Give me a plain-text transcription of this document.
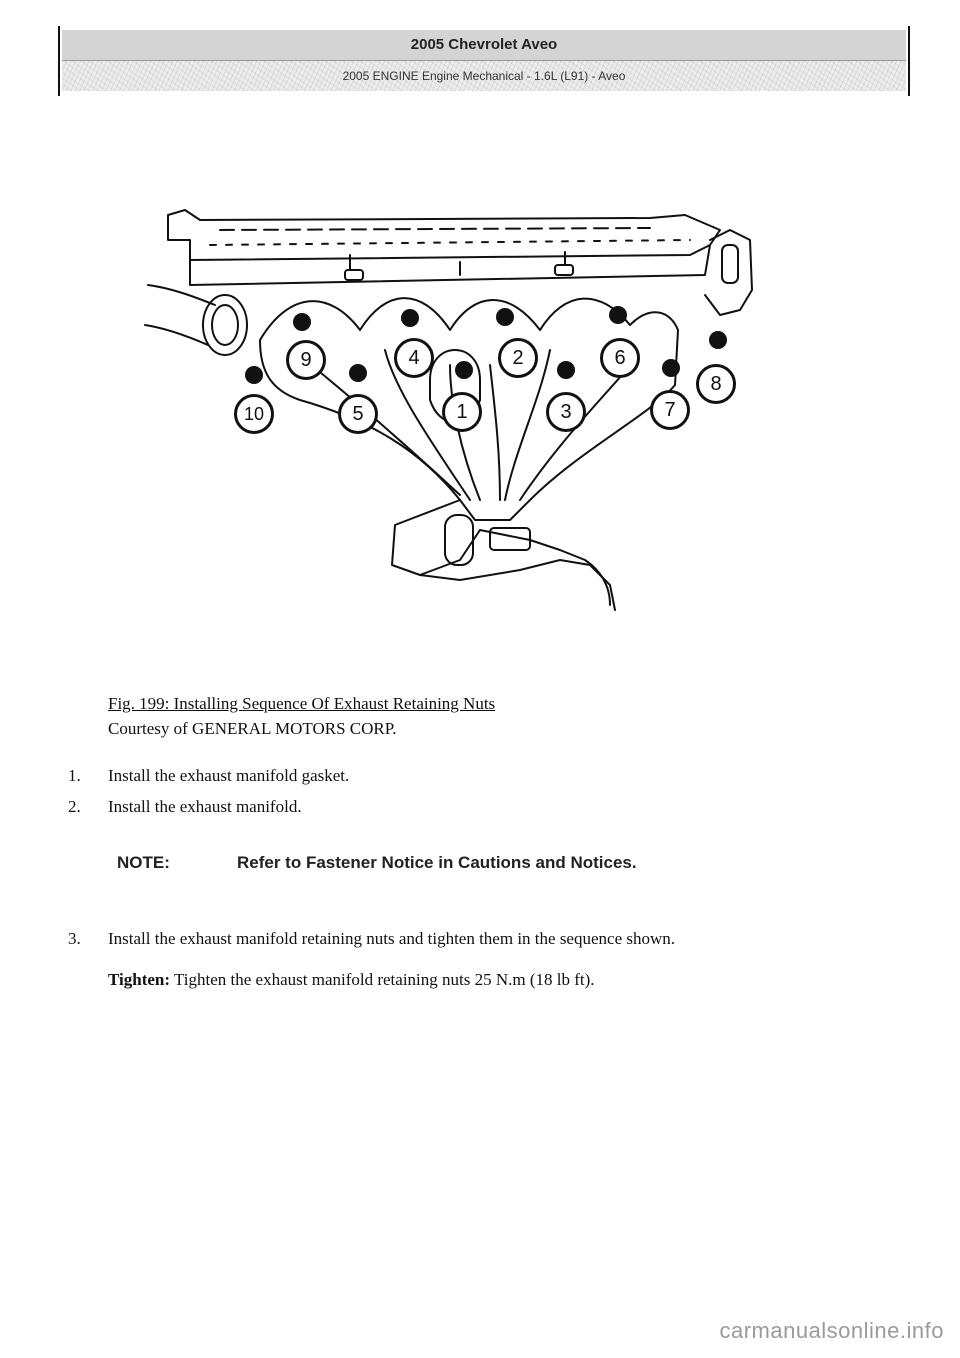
2005 Chevrolet Aveo
2005 ENGINE Engine Mechanical - 1.6L (L91) - Aveo
9	4	2	6
8
10	5	1	3	7
Fig. 199: Installing Sequence Of Exhaust Retaining Nuts
Courtesy of GENERAL MOTORS CORP.
1. Install the exhaust manifold gasket.
2. Install the exhaust manifold.
NOTE:	Refer to Fastener Notice in Cautions and Notices.
3. Install the exhaust manifold retaining nuts and tighten them in the sequence shown.
Tighten: Tighten the exhaust manifold retaining nuts 25 N.m (18 lb ft).
carmanualsonline.info
